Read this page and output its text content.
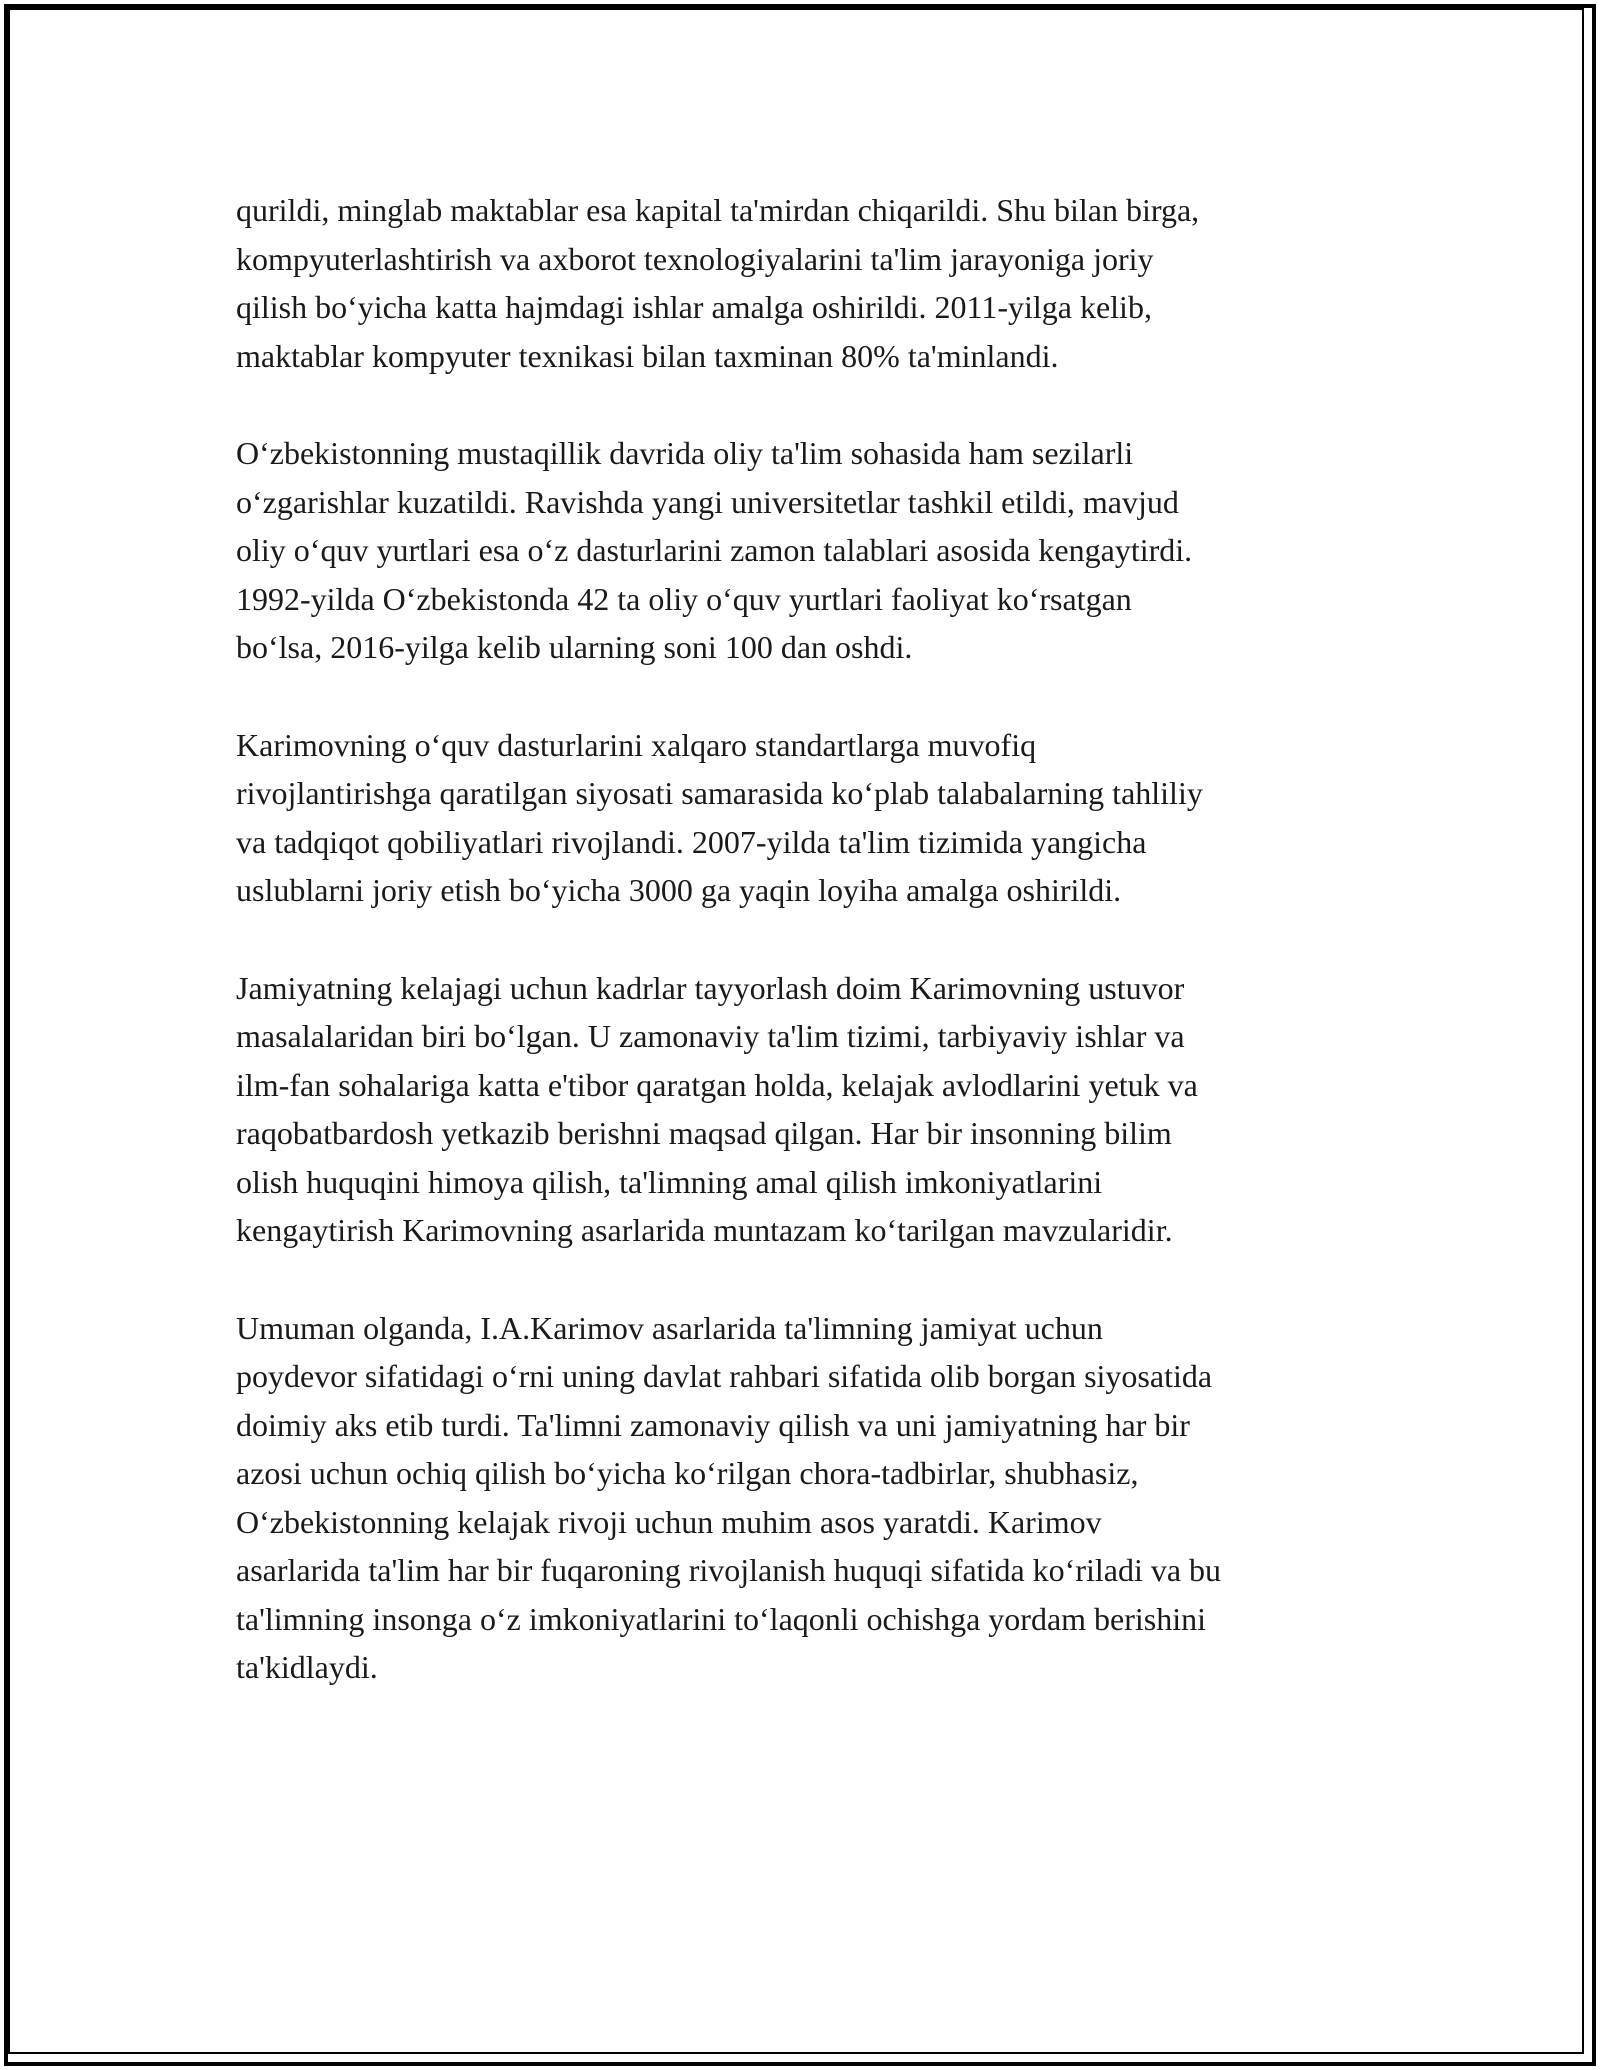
qurildi, minglab maktablar esa kapital ta'mirdan chiqarildi. Shu bilan birga,
kompyuterlashtirish va axborot texnologiyalarini ta'lim jarayoniga joriy
qilish boʻyicha katta hajmdagi ishlar amalga oshirildi. 2011-yilga kelib,
maktablar kompyuter texnikasi bilan taxminan 80% ta'minlandi.

Oʻzbekistonning mustaqillik davrida oliy ta'lim sohasida ham sezilarli
oʻzgarishlar kuzatildi. Ravishda yangi universitetlar tashkil etildi, mavjud
oliy oʻquv yurtlari esa oʻz dasturlarini zamon talablari asosida kengaytirdi.
1992-yilda Oʻzbekistonda 42 ta oliy oʻquv yurtlari faoliyat koʻrsatgan
boʻlsa, 2016-yilga kelib ularning soni 100 dan oshdi.

Karimovning oʻquv dasturlarini xalqaro standartlarga muvofiq
rivojlantirishga qaratilgan siyosati samarasida koʻplab talabalarning tahliliy
va tadqiqot qobiliyatlari rivojlandi. 2007-yilda ta'lim tizimida yangicha
uslublarni joriy etish boʻyicha 3000 ga yaqin loyiha amalga oshirildi.

Jamiyatning kelajagi uchun kadrlar tayyorlash doim Karimovning ustuvor
masalalaridan biri boʻlgan. U zamonaviy ta'lim tizimi, tarbiyaviy ishlar va
ilm-fan sohalariga katta e'tibor qaratgan holda, kelajak avlodlarini yetuk va
raqobatbardosh yetkazib berishni maqsad qilgan. Har bir insonning bilim
olish huquqini himoya qilish, ta'limning amal qilish imkoniyatlarini
kengaytirish Karimovning asarlarida muntazam koʻtarilgan mavzularidir.

Umuman olganda, I.A.Karimov asarlarida ta'limning jamiyat uchun
poydevor sifatidagi oʻrni uning davlat rahbari sifatida olib borgan siyosatida
doimiy aks etib turdi. Ta'limni zamonaviy qilish va uni jamiyatning har bir
azosi uchun ochiq qilish boʻyicha koʻrilgan chora-tadbirlar, shubhasiz,
Oʻzbekistonning kelajak rivoji uchun muhim asos yaratdi. Karimov
asarlarida ta'lim har bir fuqaroning rivojlanish huquqi sifatida koʻriladi va bu
ta'limning insonga oʻz imkoniyatlarini toʻlaqonli ochishga yordam berishini
ta'kidlaydi.
